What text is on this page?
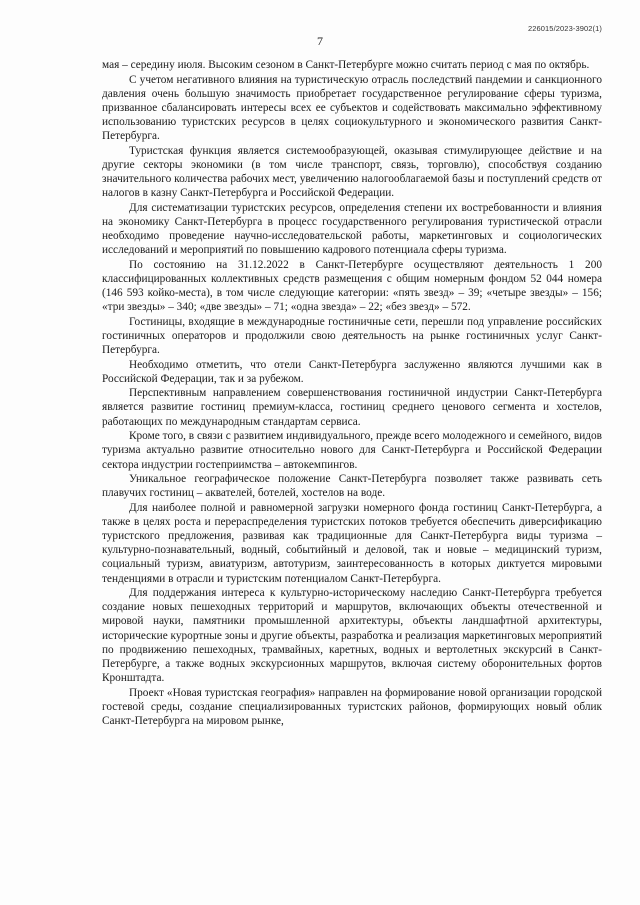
226015/2023-3902(1)
7

мая – середину июля. Высоким сезоном в Санкт-Петербурге можно считать период с мая по октябрь.

С учетом негативного влияния на туристическую отрасль последствий пандемии и санкционного давления очень большую значимость приобретает государственное регулирование сферы туризма, призванное сбалансировать интересы всех ее субъектов и содействовать максимально эффективному использованию туристских ресурсов в целях социокультурного и экономического развития Санкт-Петербурга.

Туристская функция является системообразующей, оказывая стимулирующее действие и на другие секторы экономики (в том числе транспорт, связь, торговлю), способствуя созданию значительного количества рабочих мест, увеличению налогооблагаемой базы и поступлений средств от налогов в казну Санкт-Петербурга и Российской Федерации.

Для систематизации туристских ресурсов, определения степени их востребованности и влияния на экономику Санкт-Петербурга в процесс государственного регулирования туристической отрасли необходимо проведение научно-исследовательской работы, маркетинговых и социологических исследований и мероприятий по повышению кадрового потенциала сферы туризма.

По состоянию на 31.12.2022 в Санкт-Петербурге осуществляют деятельность 1 200 классифицированных коллективных средств размещения с общим номерным фондом 52 044 номера (146 593 койко-места), в том числе следующие категории: «пять звезд» – 39; «четыре звезды» – 156; «три звезды» – 340; «две звезды» – 71; «одна звезда» – 22; «без звезд» – 572.

Гостиницы, входящие в международные гостиничные сети, перешли под управление российских гостиничных операторов и продолжили свою деятельность на рынке гостиничных услуг Санкт-Петербурга.

Необходимо отметить, что отели Санкт-Петербурга заслуженно являются лучшими как в Российской Федерации, так и за рубежом.

Перспективным направлением совершенствования гостиничной индустрии Санкт-Петербурга является развитие гостиниц премиум-класса, гостиниц среднего ценового сегмента и хостелов, работающих по международным стандартам сервиса.

Кроме того, в связи с развитием индивидуального, прежде всего молодежного и семейного, видов туризма актуально развитие относительно нового для Санкт-Петербурга и Российской Федерации сектора индустрии гостеприимства – автокемпингов.

Уникальное географическое положение Санкт-Петербурга позволяет также развивать сеть плавучих гостиниц – аквателей, ботелей, хостелов на воде.

Для наиболее полной и равномерной загрузки номерного фонда гостиниц Санкт-Петербурга, а также в целях роста и перераспределения туристских потоков требуется обеспечить диверсификацию туристского предложения, развивая как традиционные для Санкт-Петербурга виды туризма – культурно-познавательный, водный, событийный и деловой, так и новые – медицинский туризм, социальный туризм, авиатуризм, автотуризм, заинтересованность в которых диктуется мировыми тенденциями в отрасли и туристским потенциалом Санкт-Петербурга.

Для поддержания интереса к культурно-историческому наследию Санкт-Петербурга требуется создание новых пешеходных территорий и маршрутов, включающих объекты отечественной и мировой науки, памятники промышленной архитектуры, объекты ландшафтной архитектуры, исторические курортные зоны и другие объекты, разработка и реализация маркетинговых мероприятий по продвижению пешеходных, трамвайных, каретных, водных и вертолетных экскурсий в Санкт-Петербурге, а также водных экскурсионных маршрутов, включая систему оборонительных фортов Кронштадта.

Проект «Новая туристская география» направлен на формирование новой организации городской гостевой среды, создание специализированных туристских районов, формирующих новый облик Санкт-Петербурга на мировом рынке,
